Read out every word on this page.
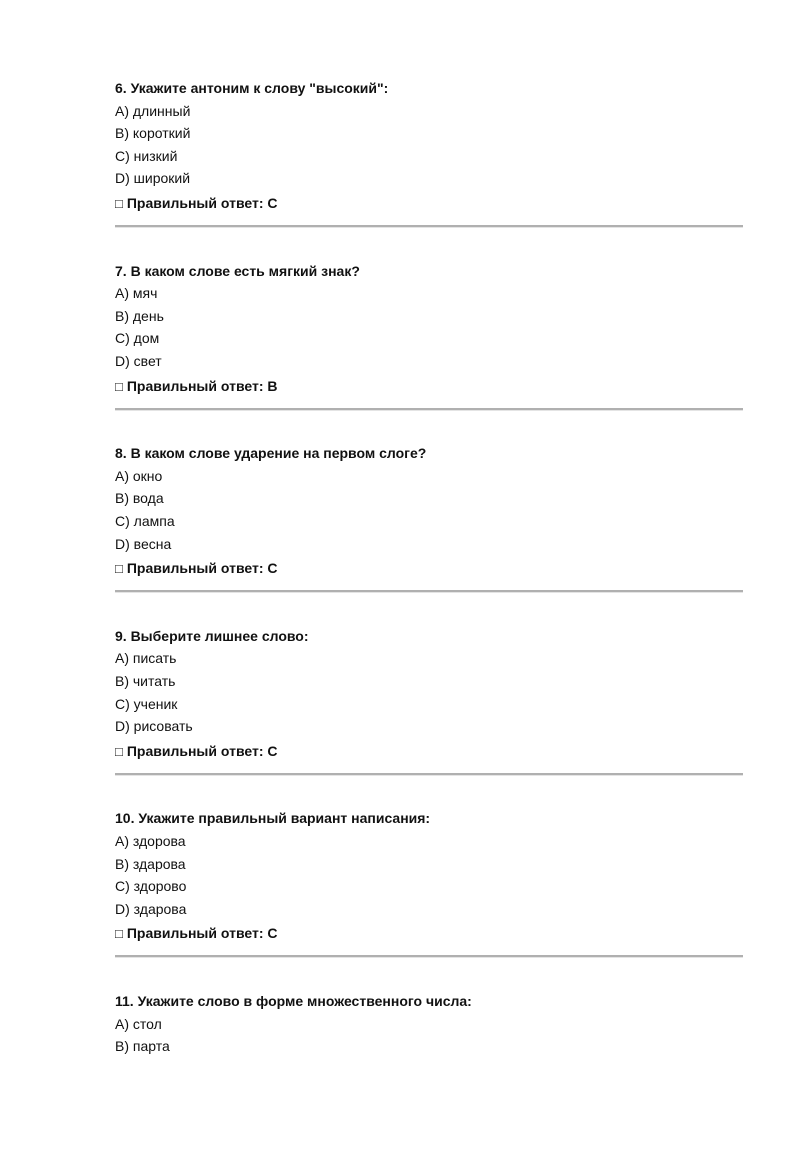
6. Укажите антоним к слову "высокий":
A) длинный
B) короткий
C) низкий
D) широкий
□ Правильный ответ: C
7. В каком слове есть мягкий знак?
A) мяч
B) день
C) дом
D) свет
□ Правильный ответ: B
8. В каком слове ударение на первом слоге?
A) окно
B) вода
C) лампа
D) весна
□ Правильный ответ: C
9. Выберите лишнее слово:
A) писать
B) читать
C) ученик
D) рисовать
□ Правильный ответ: C
10. Укажите правильный вариант написания:
A) здорова
B) здарова
C) здорово
D) здарова
□ Правильный ответ: C
11. Укажите слово в форме множественного числа:
A) стол
B) парта
